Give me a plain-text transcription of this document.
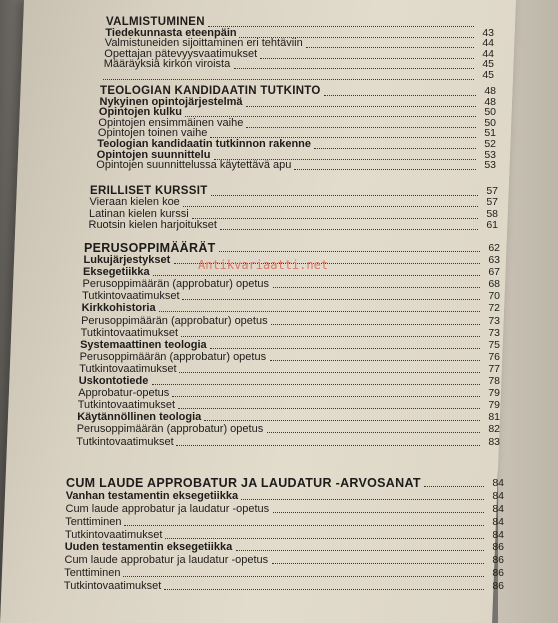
VALMISTUMINEN
Tiedekunnasta eteenpäin	43
Valmistuneiden sijoittaminen eri tehtäviin	44
Opettajan pätevyysvaatimukset	44
Määräyksiä kirkon viroista	45
45
TEOLOGIAN KANDIDAATIN TUTKINTO	48
Nykyinen opintojärjestelmä	48
Opintojen kulku	50
Opintojen ensimmäinen vaihe	50
Opintojen toinen vaihe	51
Teologian kandidaatin tutkinnon rakenne	52
Opintojen suunnittelu	53
Opintojen suunnittelussa käytettävä apu	53
ERILLISET KURSSIT	57
Vieraan kielen koe	57
Latinan kielen kurssi	58
Ruotsin kielen harjoitukset	61
PERUSOPPIMÄÄRÄT	62
Lukujärjestykset	63
Eksegetiikka	67
Perusoppimäärän (approbatur) opetus	68
Tutkintovaatimukset	70
Kirkkohistoria	72
Perusoppimäärän (approbatur) opetus	73
Tutkintovaatimukset	73
Systemaattinen teologia	75
Perusoppimäärän (approbatur) opetus	76
Tutkintovaatimukset	77
Uskontotiede	78
Approbatur-opetus	79
Tutkintovaatimukset	79
Käytännöllinen teologia	81
Perusoppimäärän (approbatur) opetus	82
Tutkintovaatimukset	83
CUM LAUDE APPROBATUR JA LAUDATUR -ARVOSANAT	84
Vanhan testamentin eksegetiikka	84
Cum laude approbatur ja laudatur -opetus	84
Tenttiminen	84
Tutkintovaatimukset	84
Uuden testamentin eksegetiikka	86
Cum laude approbatur ja laudatur -opetus	86
Tenttiminen	86
Tutkintovaatimukset	86
Antikvariaatti.net
